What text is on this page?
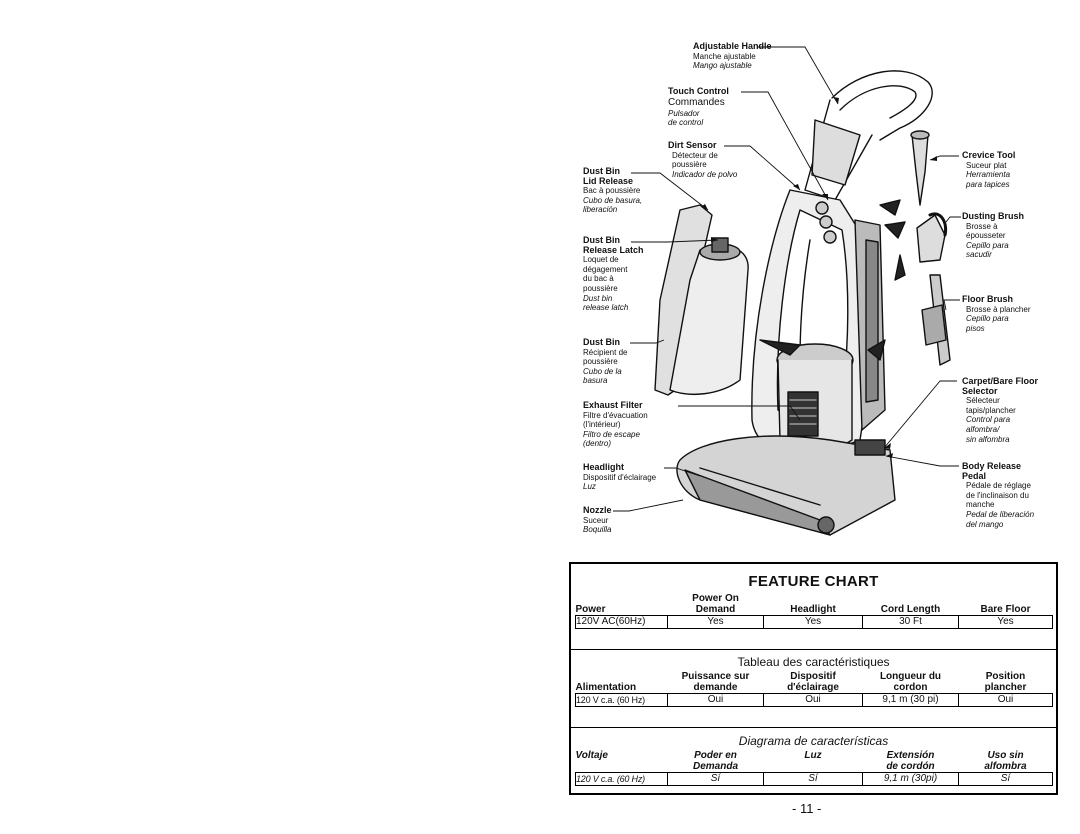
Adjustable Handle
Manche ajustable
Mango ajustable
Touch Control
Commandes
Pulsador
de control
Dirt Sensor
Détecteur de
poussière
Indicador de polvo
Dust Bin
Lid Release
Bac à poussière
Cubo de basura,
liberación
Dust Bin
Release Latch
Loquet de
dégagement
du bac à
poussière
Dust bin
release latch
Dust Bin
Récipient de
poussière
Cubo de la
basura
Exhaust Filter
Filtre d'évacuation
(l'intérieur)
Filtro de escape
(dentro)
Headlight
Dispositif d'éclairage
Luz
Nozzle
Suceur
Boquilla
Crevice Tool
Suceur plat
Herramienta
para tapices
Dusting Brush
Brosse à
épousseter
Cepillo para
sacudir
Floor Brush
Brosse à plancher
Cepillo para
pisos
Carpet/Bare Floor
Selector
Sélecteur
tapis/plancher
Control para
alfombra/
sin alfombra
Body Release
Pedal
Pédale de réglage
de l'inclinaison du
manche
Pedal de liberación
del mango
FEATURE CHART
	Power On			
Power	Demand	Headlight	Cord Length	Bare Floor
120V AC(60Hz)	Yes	Yes	30 Ft	Yes
Tableau des caractéristiques
	Puissance sur	Dispositif	Longueur du	Position
Alimentation	demande	d'éclairage	cordon	plancher
120 V c.a. (60 Hz)	Oui	Oui	9,1 m (30 pi)	Oui
Diagrama de características
Voltaje	Poder en	Luz	Extensión	Uso sin
	Demanda		de cordón	alfombra
120 V c.a. (60 Hz)	Sí	Sí	9,1 m (30pi)	Sí
- 11 -
